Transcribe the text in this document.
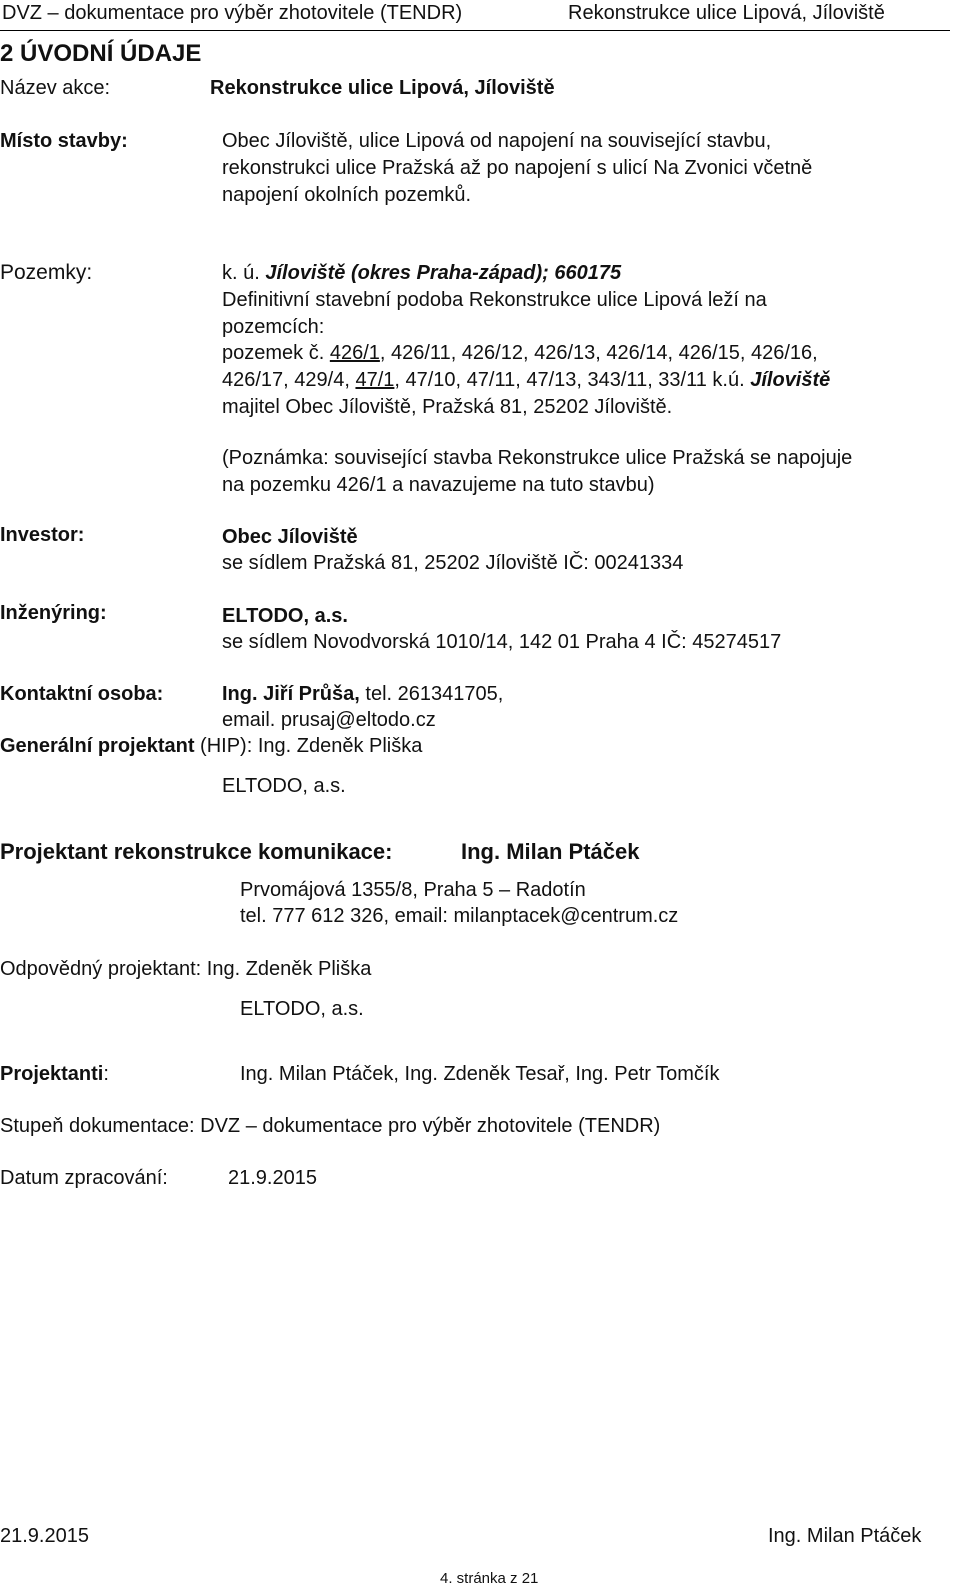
DVZ – dokumentace pro výběr zhotovitele (TENDR)	Rekonstrukce ulice Lipová, Jíloviště
2 ÚVODNÍ ÚDAJE
Název akce:	Rekonstrukce ulice Lipová, Jíloviště
Místo stavby:	Obec Jíloviště, ulice Lipová od napojení na související stavbu,
rekonstrukci ulice Pražská až po napojení s ulicí Na Zvonici včetně
napojení okolních pozemků.
Pozemky:	k. ú. Jíloviště (okres Praha-západ); 660175
Definitivní stavební podoba Rekonstrukce ulice Lipová leží na
pozemcích:
pozemek č. 426/1, 426/11, 426/12, 426/13, 426/14, 426/15, 426/16,
426/17, 429/4, 47/1, 47/10, 47/11, 47/13, 343/11, 33/11 k.ú. Jíloviště
majitel Obec Jíloviště, Pražská 81, 25202 Jíloviště.
(Poznámka: související stavba Rekonstrukce ulice Pražská se napojuje
na pozemku 426/1 a navazujeme na tuto stavbu)
Investor:	Obec Jíloviště
se sídlem Pražská 81, 25202 Jíloviště IČ: 00241334
Inženýring:	ELTODO, a.s.
se sídlem Novodvorská 1010/14, 142 01 Praha 4 IČ: 45274517
Kontaktní osoba:	Ing. Jiří Průša, tel. 261341705,
email. prusaj@eltodo.cz
Generální projektant (HIP): Ing. Zdeněk Pliška
ELTODO, a.s.
Projektant rekonstrukce komunikace:	Ing. Milan Ptáček
Prvomájová 1355/8, Praha 5 – Radotín
tel. 777 612 326, email: milanptacek@centrum.cz
Odpovědný projektant: Ing. Zdeněk Pliška
ELTODO, a.s.
Projektanti:	Ing. Milan Ptáček, Ing. Zdeněk Tesař, Ing. Petr Tomčík
Stupeň dokumentace: DVZ – dokumentace pro výběr zhotovitele (TENDR)
Datum zpracování:	21.9.2015
21.9.2015	Ing. Milan Ptáček
4. stránka z 21
